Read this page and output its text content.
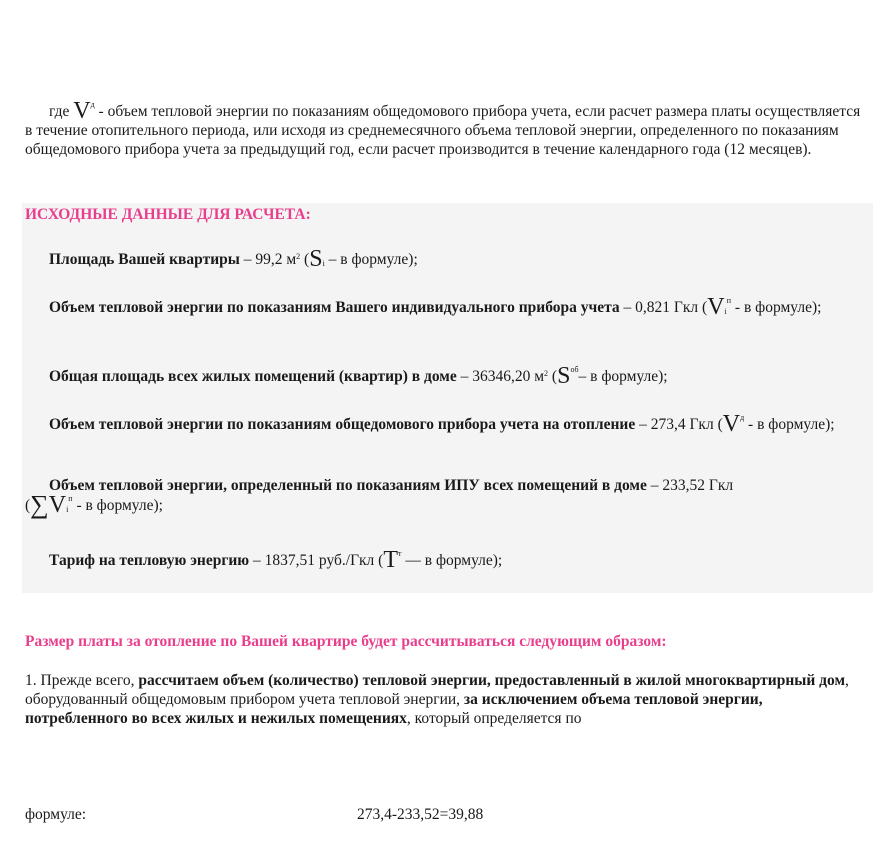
где $V^д$ - объем тепловой энергии по показаниям общедомового прибора учета, если расчет размера платы осуществляется в течение отопительного периода, или исходя из среднемесячного объема тепловой энергии, определенного по показаниям общедомового прибора учета за предыдущий год, если расчет производится в течение календарного года (12 месяцев).
ИСХОДНЫЕ ДАННЫЕ ДЛЯ РАСЧЕТА:
Площадь Вашей квартиры – 99,2 $м^2$ ($S_i$ – в формуле);
Объем тепловой энергии по показаниям Вашего индивидуального прибора учета – 0,821 Гкл ($V_i^п$ - в формуле);
Общая площадь всех жилых помещений (квартир) в доме – 36346,20 $м^2$ ($S^{об}-$ в формуле);
Объем тепловой энергии по показаниям общедомового прибора учета на отопление – 273,4 Гкл ($V^д$ - в формуле);
Объем тепловой энергии, определенный по показаниям ИПУ всех помещений в доме – 233,52 Гкл
($\sum V_i^п$ - в формуле);
Тариф на тепловую энергию – 1837,51 руб./Гкл ($T^т$ — в формуле);
Размер платы за отопление по Вашей квартире будет рассчитываться следующим образом:
1. Прежде всего, рассчитаем объем (количество) тепловой энергии, предоставленный в жилой многоквартирный дом, оборудованный общедомовым прибором учета тепловой энергии, за исключением объема тепловой энергии, потребленного во всех жилых и нежилых помещениях, который определяется по
формуле:	273,4-233,52=39,88
